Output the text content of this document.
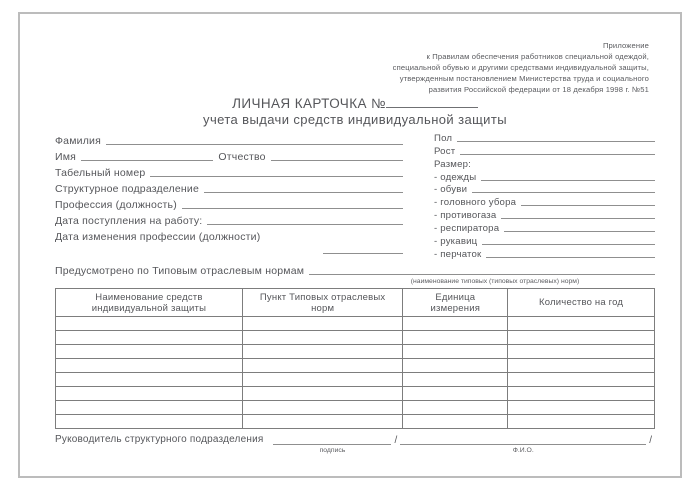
Приложение
к Правилам обеспечения работников специальной одеждой,
специальной обувью и другими средствами индивидуальной защиты,
утвержденным постановлением Министерства труда и социального
развития Российской федерации от 18 декабря 1998 г. №51
ЛИЧНАЯ КАРТОЧКА №
учета выдачи средств индивидуальной защиты
Фамилия
Имя	Отчество
Табельный номер
Структурное подразделение
Профессия (должность)
Дата поступления на работу:
Дата изменения профессии (должности)
Пол
Рост
Размер:
- одежды
- обуви
- головного убора
- противогаза
- респиратора
- рукавиц
- перчаток
Предусмотрено по Типовым отраслевым нормам
(наименование типовых (типовых отраслевых) норм)
Наименование средств индивидуальной защиты	Пункт Типовых отраслевых норм	Единица измерения	Количество на год

Руководитель структурного подразделения
подпись
/
Ф.И.О.
/
